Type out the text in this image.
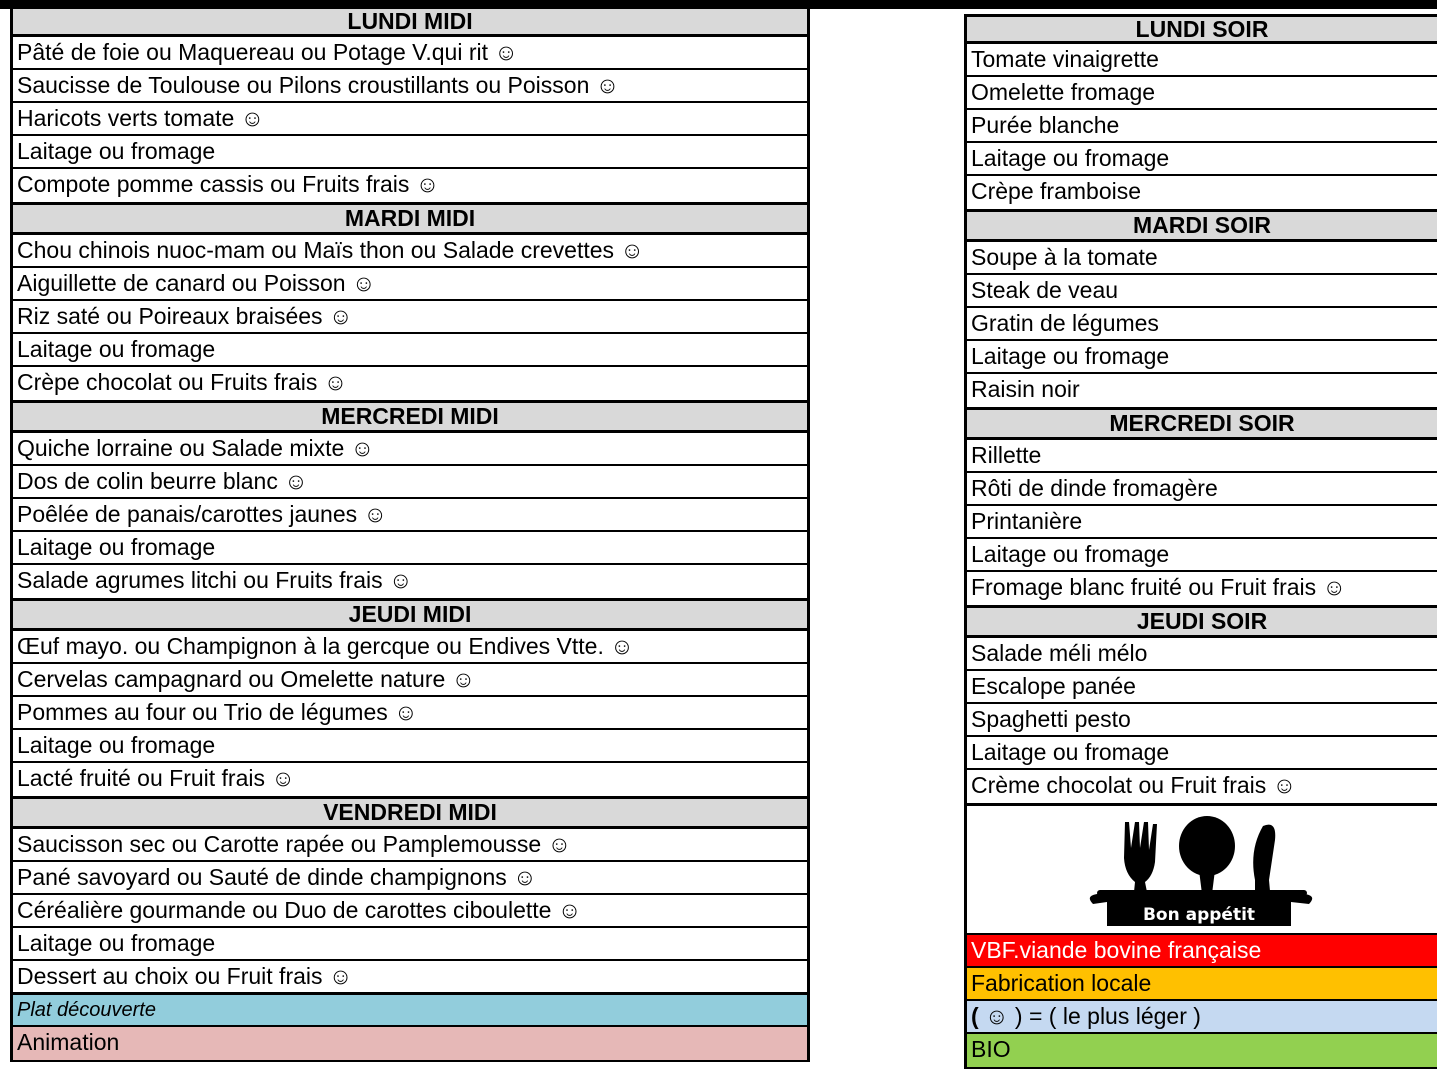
LUNDI MIDI
Pâté de foie ou Maquereau ou Potage V.qui rit ☺
Saucisse de Toulouse ou Pilons croustillants ou Poisson ☺
Haricots verts tomate ☺
Laitage ou fromage
Compote pomme cassis ou Fruits frais ☺
MARDI MIDI
Chou chinois nuoc-mam ou Maïs thon ou Salade crevettes ☺
Aiguillette de canard ou Poisson ☺
Riz saté ou Poireaux braisées ☺
Laitage ou fromage
Crèpe chocolat ou Fruits frais ☺
MERCREDI MIDI
Quiche lorraine ou Salade mixte ☺
Dos de colin beurre blanc ☺
Poêlée de panais/carottes jaunes ☺
Laitage ou fromage
Salade agrumes litchi ou Fruits frais ☺
JEUDI MIDI
Œuf mayo. ou Champignon à la gercque ou Endives Vtte. ☺
Cervelas campagnard ou Omelette nature ☺
Pommes au four ou Trio de légumes ☺
Laitage ou fromage
Lacté fruité ou Fruit frais ☺
VENDREDI MIDI
Saucisson sec ou Carotte rapée ou Pamplemousse ☺
Pané savoyard ou Sauté de dinde champignons ☺
Céréalière gourmande ou Duo de carottes ciboulette ☺
Laitage ou fromage
Dessert au choix ou Fruit frais ☺
Plat découverte
Animation
LUNDI SOIR
Tomate vinaigrette
Omelette fromage
Purée blanche
Laitage ou fromage
Crèpe framboise
MARDI SOIR
Soupe à la tomate
Steak de veau
Gratin de légumes
Laitage ou fromage
Raisin noir
MERCREDI SOIR
Rillette
Rôti de dinde fromagère
Printanière
Laitage ou fromage
Fromage blanc fruité ou Fruit frais ☺
JEUDI SOIR
Salade méli mélo
Escalope panée
Spaghetti pesto
Laitage ou fromage
Crème chocolat ou Fruit frais ☺
Bon appétit
VBF.viande bovine française
Fabrication locale
( ☺ ) = ( le plus léger )
BIO
